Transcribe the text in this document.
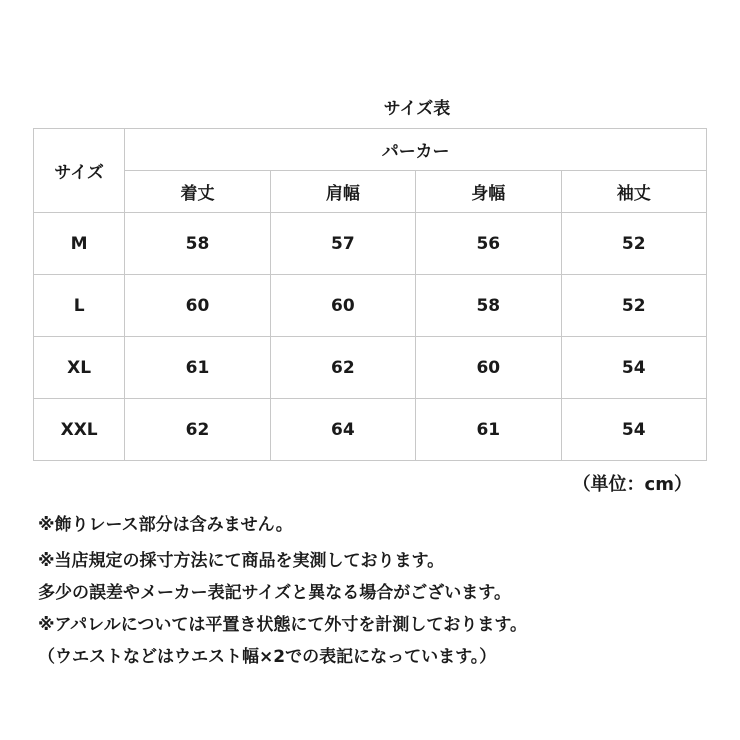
サイズ表
サイズ	パーカー			
	着丈	肩幅	身幅	袖丈
M	58	57	56	52
L	60	60	58	52
XL	61	62	60	54
XXL	62	64	61	54
（単位：cm）
※飾りレース部分は含みません。
※当店規定の採寸方法にて商品を実測しております。
多少の誤差やメーカー表記サイズと異なる場合がございます。
※アパレルについては平置き状態にて外寸を計測しております。
（ウエストなどはウエスト幅×2での表記になっています。）
